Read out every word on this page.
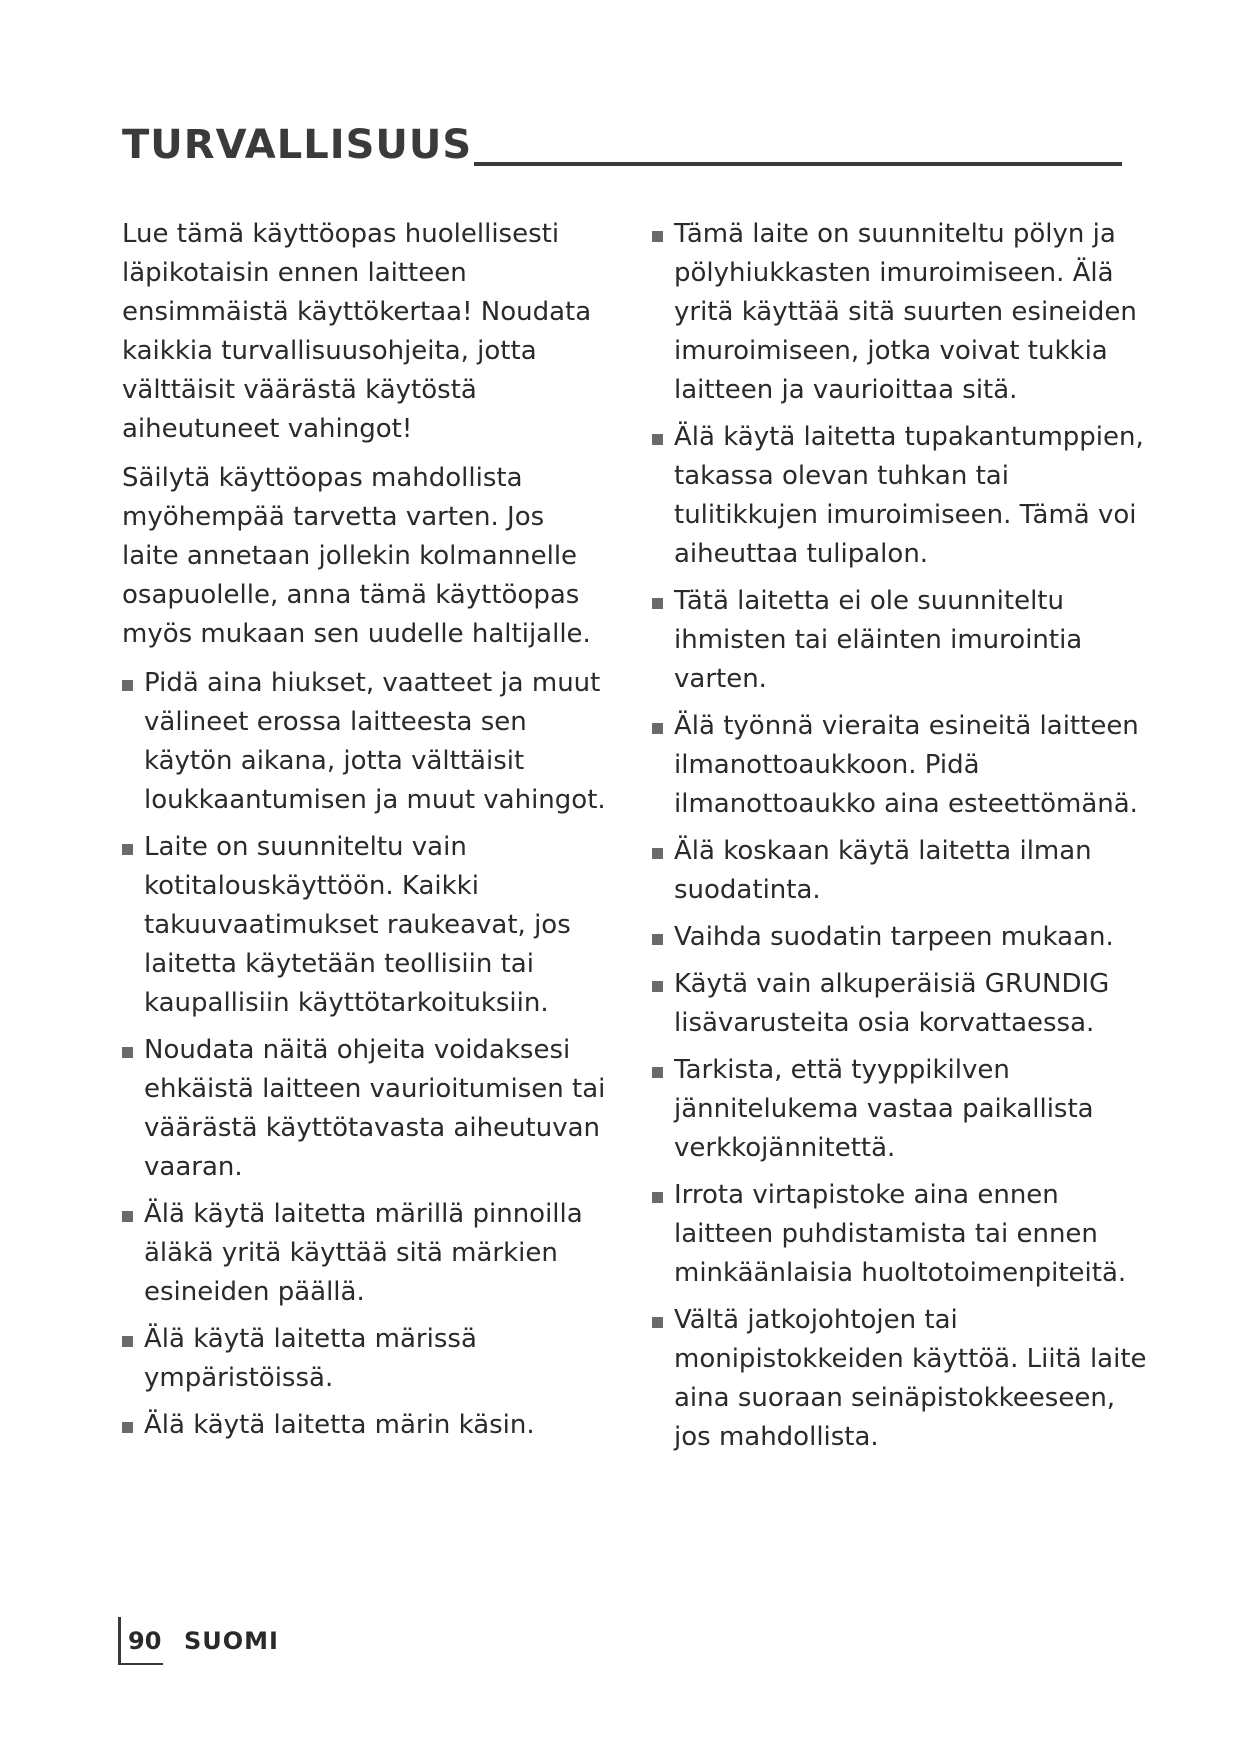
TURVALLISUUS

Lue tämä käyttöopas huolellisesti läpikotaisin ennen laitteen ensimmäistä käyttökertaa! Noudata kaikkia turvallisuusohjeita, jotta välttäisit väärästä käytöstä aiheutuneet vahingot!

Säilytä käyttöopas mahdollista myöhempää tarvetta varten. Jos laite annetaan jollekin kolmannelle osapuolelle, anna tämä käyttöopas myös mukaan sen uudelle haltijalle.

Pidä aina hiukset, vaatteet ja muut välineet erossa laitteesta sen käytön aikana, jotta välttäisit loukkaantumisen ja muut vahingot.
Laite on suunniteltu vain kotitalouskäyttöön. Kaikki takuuvaatimukset raukeavat, jos laitetta käytetään teollisiin tai kaupallisiin käyttötarkoituksiin.
Noudata näitä ohjeita voidaksesi ehkäistä laitteen vaurioitumisen tai väärästä käyttötavasta aiheutuvan vaaran.
Älä käytä laitetta märillä pinnoilla äläkä yritä käyttää sitä märkien esineiden päällä.
Älä käytä laitetta märissä ympäristöissä.
Älä käytä laitetta märin käsin.
Tämä laite on suunniteltu pölyn ja pölyhiukkasten imuroimiseen. Älä yritä käyttää sitä suurten esineiden imuroimiseen, jotka voivat tukkia laitteen ja vaurioittaa sitä.
Älä käytä laitetta tupakantumppien, takassa olevan tuhkan tai tulitikkujen imuroimiseen. Tämä voi aiheuttaa tulipalon.
Tätä laitetta ei ole suunniteltu ihmisten tai eläinten imurointia varten.
Älä työnnä vieraita esineitä laitteen ilmanottoaukkoon. Pidä ilmanottoaukko aina esteettömänä.
Älä koskaan käytä laitetta ilman suodatinta.
Vaihda suodatin tarpeen mukaan.
Käytä vain alkuperäisiä GRUNDIG lisävarusteita osia korvattaessa.
Tarkista, että tyyppikilven jännitelukema vastaa paikallista verkkojännitettä.
Irrota virtapistoke aina ennen laitteen puhdistamista tai ennen minkäänlaisia huoltotoimenpiteitä.
Vältä jatkojohtojen tai monipistokkeiden käyttöä. Liitä laite aina suoraan seinäpistokkeeseen, jos mahdollista.
90 SUOMI
